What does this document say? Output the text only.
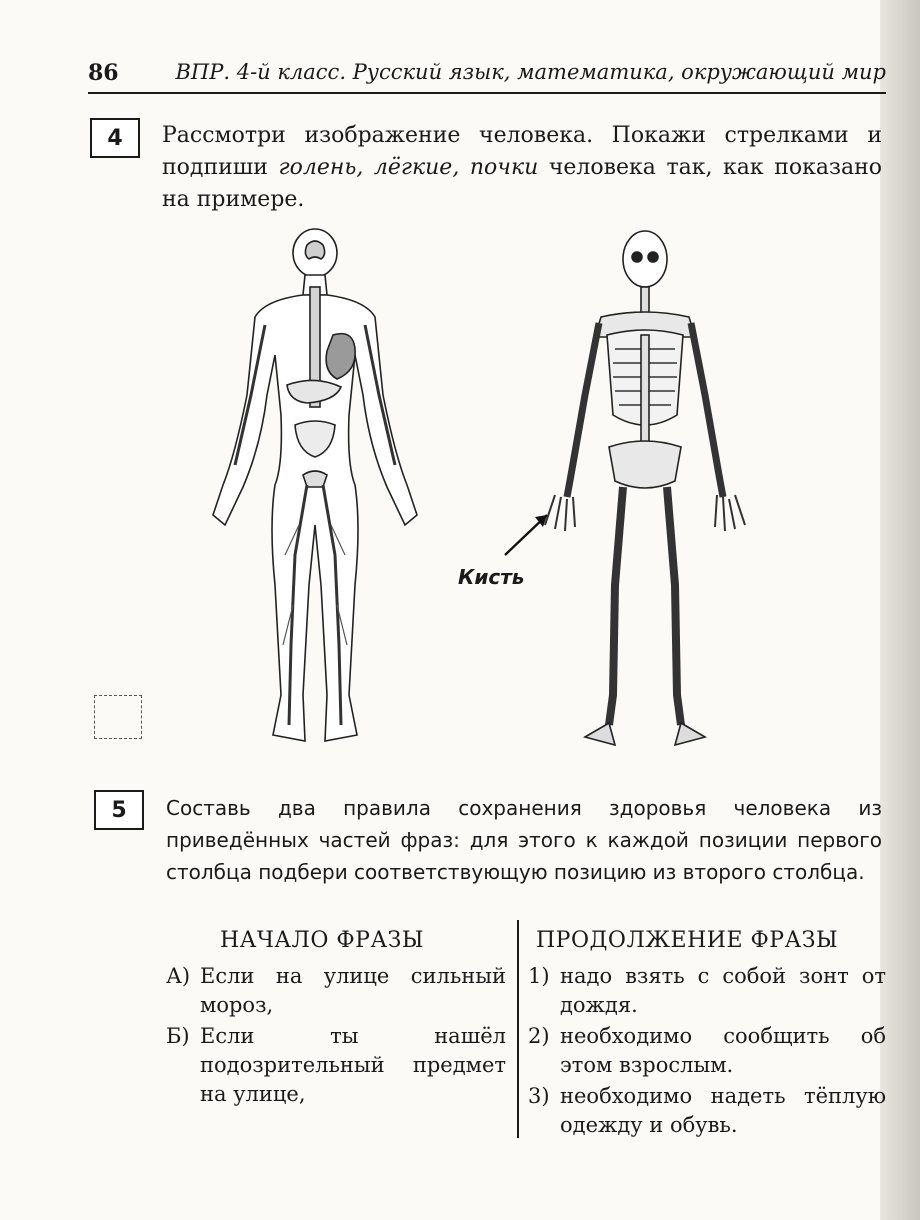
86	ВПР. 4-й класс. Русский язык, математика, окружающий мир
4	Рассмотри изображение человека. Покажи стрелками и подпиши голень, лёгкие, почки человека так, как показано на примере.
Кисть
5	Составь два правила сохранения здоровья человека из приведённых частей фраз: для этого к каждой позиции первого столбца подбери соответствующую позицию из второго столбца.
НАЧАЛО ФРАЗЫ	ПРОДОЛЖЕНИЕ ФРАЗЫ
А) Если на улице сильный мороз,
Б) Если ты нашёл подозрительный предмет на улице,
1) надо взять с собой зонт от дождя.
2) необходимо сообщить об этом взрослым.
3) необходимо надеть тёплую одежду и обувь.
